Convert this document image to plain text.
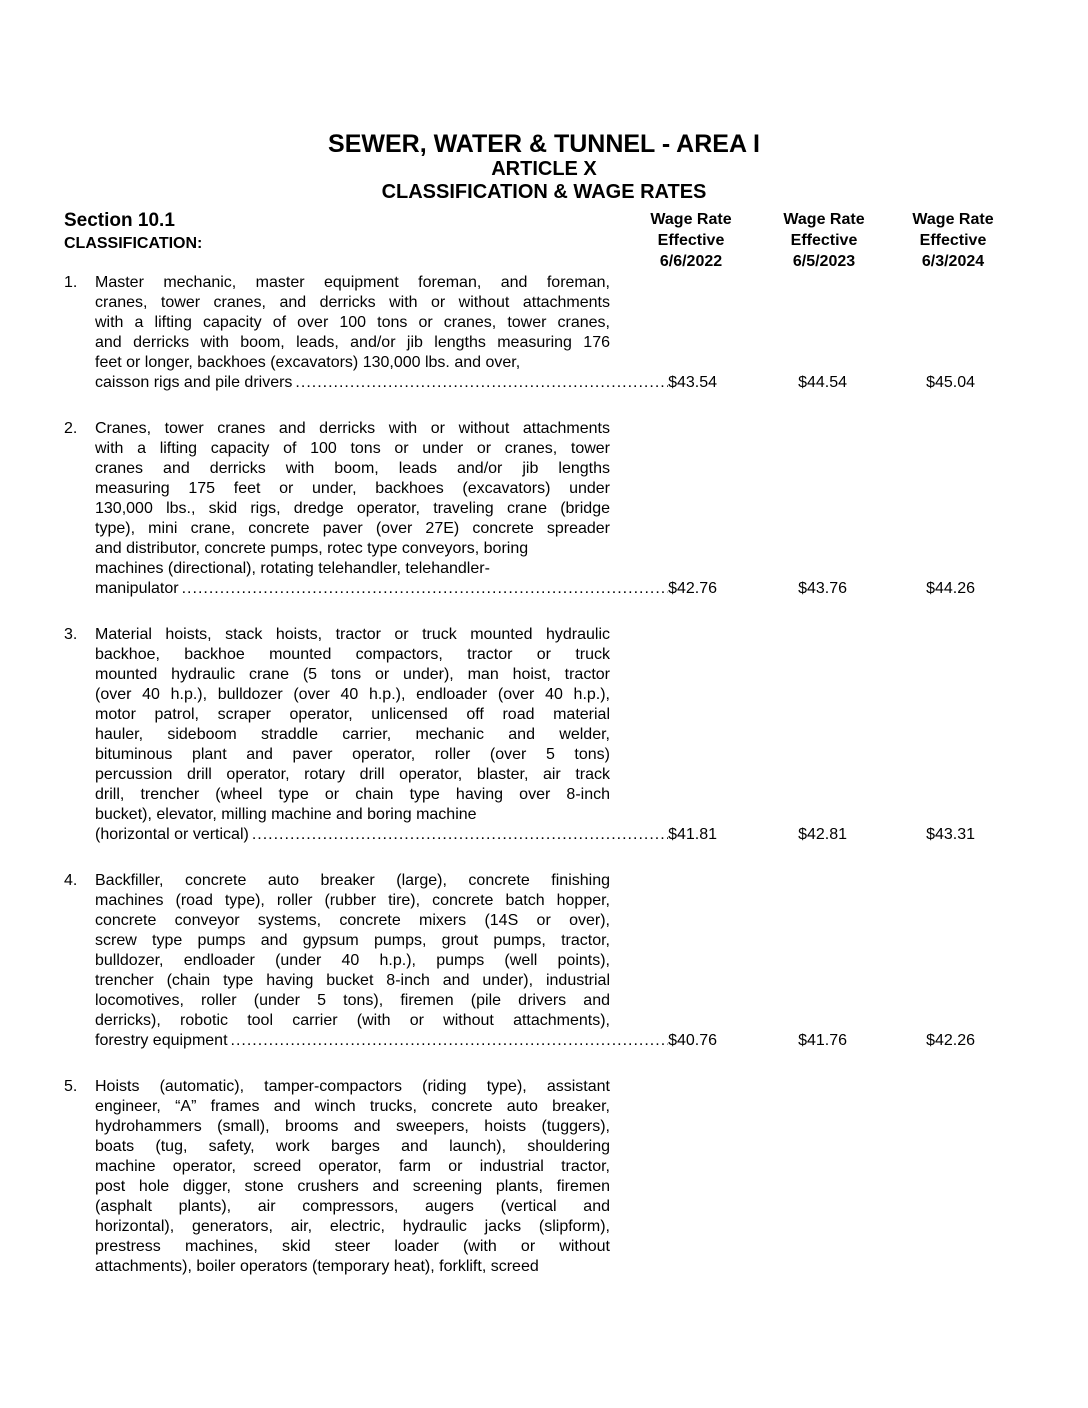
SEWER, WATER & TUNNEL - AREA I
ARTICLE X
CLASSIFICATION & WAGE RATES
Section 10.1
CLASSIFICATION:
Wage Rate
Effective
6/6/2022
Wage Rate
Effective
6/5/2023
Wage Rate
Effective
6/3/2024
1.	Master mechanic, master equipment foreman, and foreman,
cranes, tower cranes, and derricks with or without attachments
with a lifting capacity of over 100 tons or cranes, tower cranes,
and derricks with boom, leads, and/or jib lengths measuring 176
feet or longer, backhoes (excavators) 130,000 lbs. and over,
caisson rigs and pile drivers .....	$43.54	$44.54	$45.04
2.	Cranes, tower cranes and derricks with or without attachments
with a lifting capacity of 100 tons or under or cranes, tower
cranes and derricks with boom, leads and/or jib lengths
measuring 175 feet or under, backhoes (excavators) under
130,000 lbs., skid rigs, dredge operator, traveling crane (bridge
type), mini crane, concrete paver (over 27E) concrete spreader
and distributor, concrete pumps, rotec type conveyors, boring
machines (directional), rotating telehandler, telehandler-
manipulator .....	$42.76	$43.76	$44.26
3.	Material hoists, stack hoists, tractor or truck mounted hydraulic
backhoe, backhoe mounted compactors, tractor or truck
mounted hydraulic crane (5 tons or under), man hoist, tractor
(over 40 h.p.), bulldozer (over 40 h.p.), endloader (over 40 h.p.),
motor patrol, scraper operator, unlicensed off road material
hauler, sideboom straddle carrier, mechanic and welder,
bituminous plant and paver operator, roller (over 5 tons)
percussion drill operator, rotary drill operator, blaster, air track
drill, trencher (wheel type or chain type having over 8-inch
bucket), elevator, milling machine and boring machine
(horizontal or vertical) .....	$41.81	$42.81	$43.31
4.	Backfiller, concrete auto breaker (large), concrete finishing
machines (road type), roller (rubber tire), concrete batch hopper,
concrete conveyor systems, concrete mixers (14S or over),
screw type pumps and gypsum pumps, grout pumps, tractor,
bulldozer, endloader (under 40 h.p.), pumps (well points),
trencher (chain type having bucket 8-inch and under), industrial
locomotives, roller (under 5 tons), firemen (pile drivers and
derricks), robotic tool carrier (with or without attachments),
forestry equipment .....	$40.76	$41.76	$42.26
5.	Hoists (automatic), tamper-compactors (riding type), assistant
engineer, “A” frames and winch trucks, concrete auto breaker,
hydrohammers (small), brooms and sweepers, hoists (tuggers),
boats (tug, safety, work barges and launch), shouldering
machine operator, screed operator, farm or industrial tractor,
post hole digger, stone crushers and screening plants, firemen
(asphalt plants), air compressors, augers (vertical and
horizontal), generators, air, electric, hydraulic jacks (slipform),
prestress machines, skid steer loader (with or without
attachments), boiler operators (temporary heat), forklift, screed
